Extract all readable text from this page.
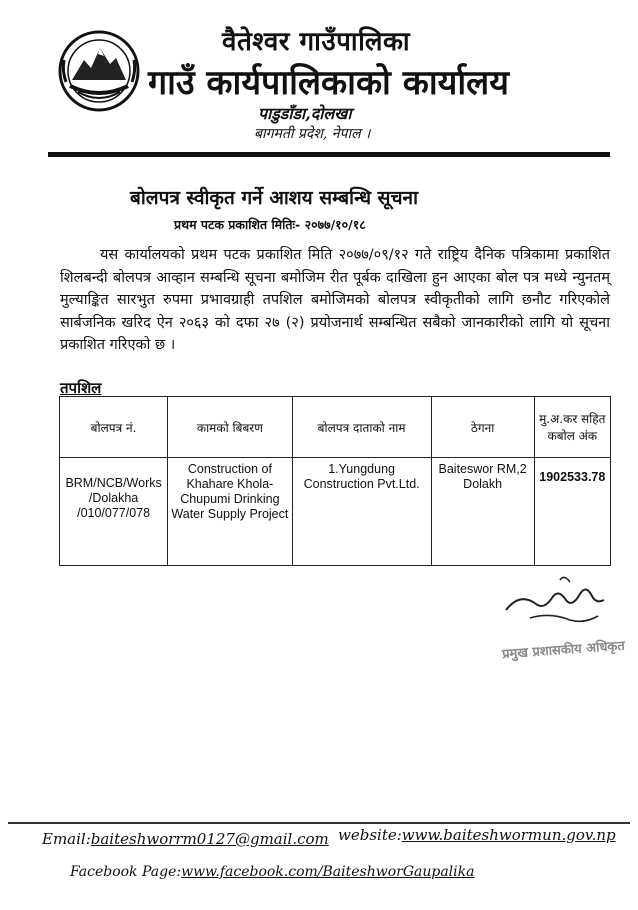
वैतेश्वर गाउँपालिका
गाउँ कार्यपालिकाको कार्यालय
पाडुडाँडा,दोलखा
बागमती प्रदेश, नेपाल ।
बोलपत्र स्वीकृत गर्ने आशय सम्बन्धि सूचना
प्रथम पटक प्रकाशित मितिः- २०७७/१०/१८
यस कार्यालयको प्रथम पटक प्रकाशित मिति २०७७/०९/१२ गते राष्ट्रिय दैनिक पत्रिकामा प्रकाशित शिलबन्दी बोलपत्र आव्हान सम्बन्धि सूचना बमोजिम रीत पूर्बक दाखिला हुन आएका बोल पत्र मध्ये न्युनतम् मुल्याङ्कित सारभुत रुपमा प्रभावग्राही तपशिल बमोजिमको बोलपत्र स्वीकृतीको लागि छनौट गरिएकोले सार्बजनिक खरिद ऐन २०६३ को दफा २७ (२) प्रयोजनार्थ सम्बन्धित सबैको जानकारीको लागि यो सूचना प्रकाशित गरिएको छ ।
तपशिल
बोलपत्र नं.	कामको बिबरण	बोलपत्र दाताको नाम	ठेगना	मु.अ.कर सहित कबोल अंक
BRM/NCB/Works /Dolakha /010/077/078	Construction of Khahare Khola-Chupumi Drinking Water Supply Project	1.Yungdung Construction Pvt.Ltd.	Baiteswor RM,2 Dolakh	1902533.78
प्रमुख प्रशासकीय अधिकृत
Email:baiteshworrm0127@gmail.com website:www.baiteshwormun.gov.np
Facebook Page:www.facebook.com/BaiteshworGaupalika
